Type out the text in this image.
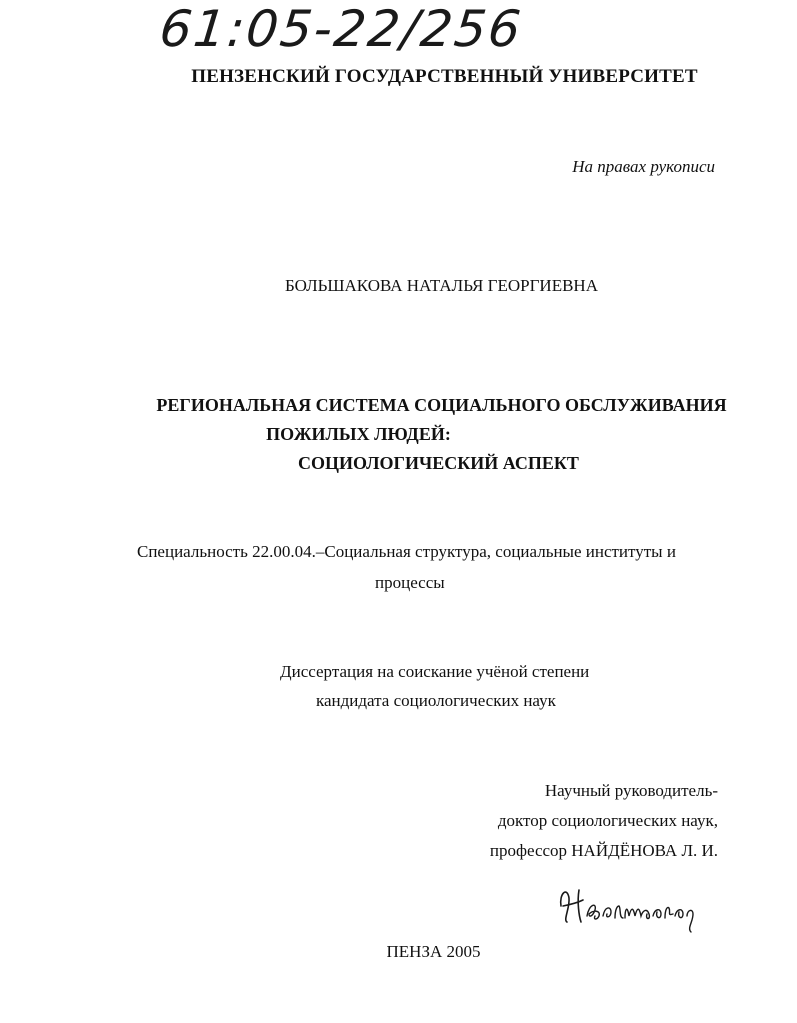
61:05-22/256
ПЕНЗЕНСКИЙ ГОСУДАРСТВЕННЫЙ УНИВЕРСИТЕТ
На правах рукописи
БОЛЬШАКОВА НАТАЛЬЯ ГЕОРГИЕВНА
РЕГИОНАЛЬНАЯ СИСТЕМА СОЦИАЛЬНОГО ОБСЛУЖИВАНИЯ
ПОЖИЛЫХ ЛЮДЕЙ:
СОЦИОЛОГИЧЕСКИЙ АСПЕКТ
Специальность 22.00.04.–Социальная структура, социальные институты и
процессы
Диссертация на соискание учёной степени
кандидата социологических наук
Научный руководитель-
доктор социологических наук,
профессор НАЙДЁНОВА Л. И.
ПЕНЗА 2005
